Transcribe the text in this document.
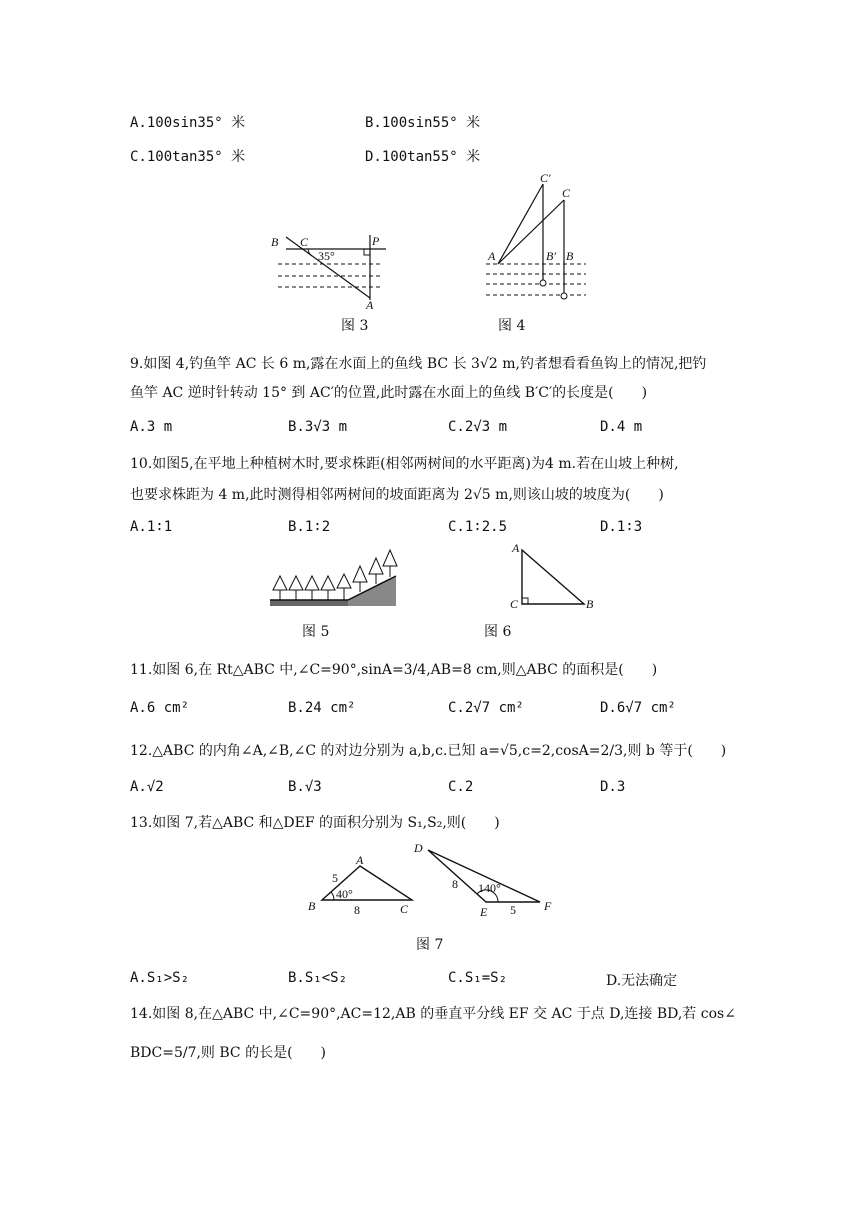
A.100sin35° 米	B.100sin55° 米
C.100tan35° 米	D.100tan55° 米
B C	P
A
35°
图 3
C′
C
A	B′ B
图 4
9.如图 4,钓鱼竿 AC 长 6 m,露在水面上的鱼线 BC 长 3√2 m,钓者想看看鱼钩上的情况,把钓
鱼竿 AC 逆时针转动 15° 到 AC′的位置,此时露在水面上的鱼线 B′C′的长度是(　　)
A.3 m	B.3√3 m	C.2√3 m	D.4 m
10.如图5,在平地上种植树木时,要求株距(相邻两树间的水平距离)为4 m.若在山坡上种树,
也要求株距为 4 m,此时测得相邻两树间的坡面距离为 2√5 m,则该山坡的坡度为(　　)
A.1∶1	B.1∶2	C.1∶2.5	D.1∶3
图 5
A
C	B
图 6
11.如图 6,在 Rt△ABC 中,∠C=90°,sinA=3/4,AB=8 cm,则△ABC 的面积是(　　)
A.6 cm²	B.24 cm²	C.2√7 cm²	D.6√7 cm²
12.△ABC 的内角∠A,∠B,∠C 的对边分别为 a,b,c.已知 a=√5,c=2,cosA=2/3,则 b 等于(　　)
A.√2	B.√3	C.2	D.3
13.如图 7,若△ABC 和△DEF 的面积分别为 S₁,S₂,则(　　)
B
A
C
5
40°
8
D
E	F
8 140°
5
图 7
A.S₁>S₂	B.S₁<S₂	C.S₁=S₂	D.无法确定
14.如图 8,在△ABC 中,∠C=90°,AC=12,AB 的垂直平分线 EF 交 AC 于点 D,连接 BD,若 cos∠
BDC=5/7,则 BC 的长是(　　)
